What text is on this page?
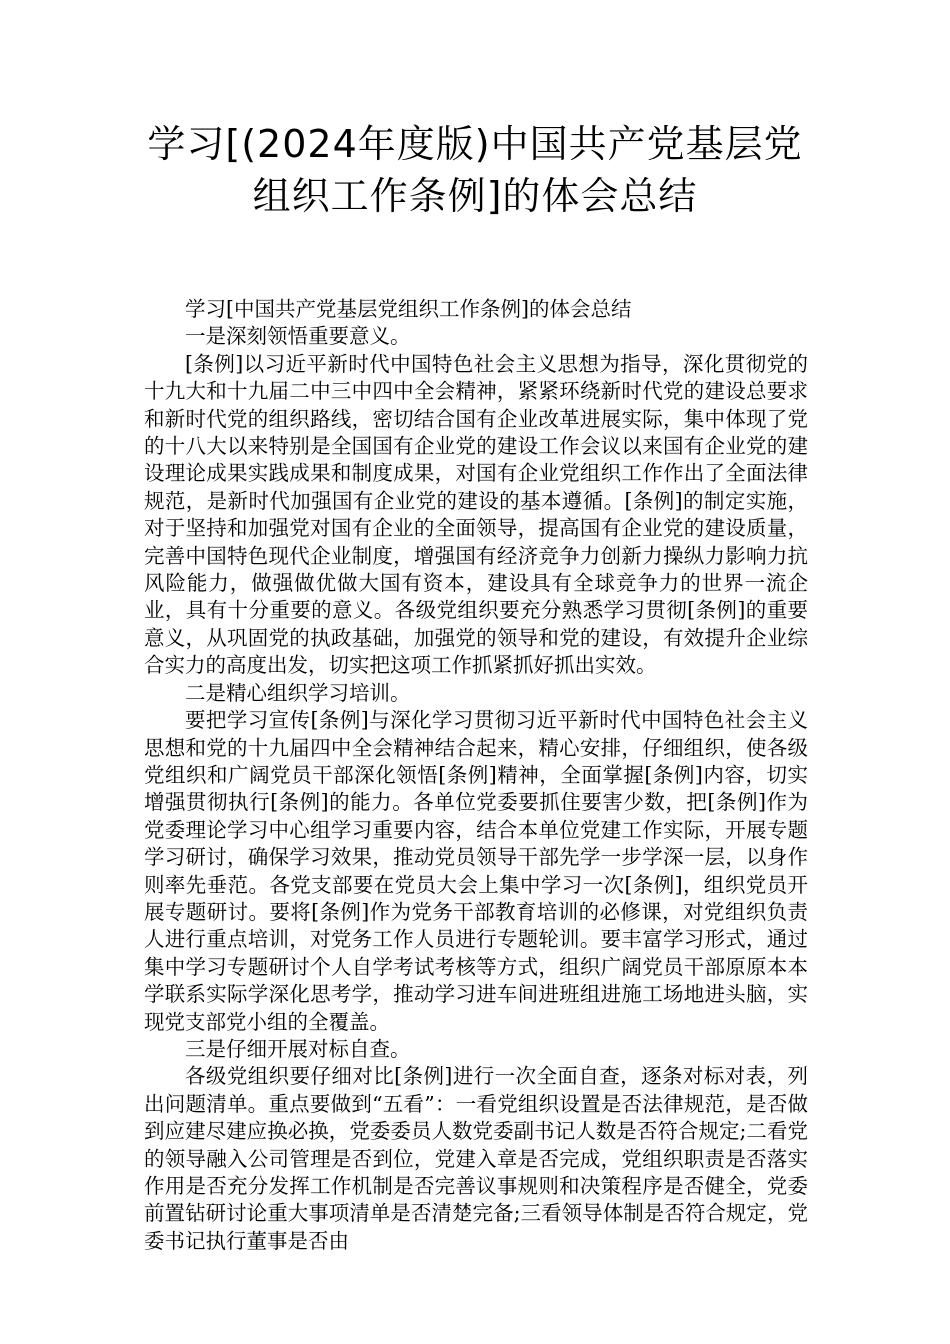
学习[(2024年度版)中国共产党基层党
组织工作条例]的体会总结

学习[中国共产党基层党组织工作条例]的体会总结

一是深刻领悟重要意义。

[条例]以习近平新时代中国特色社会主义思想为指导，深化贯彻党的十九大和十九届二中三中四中全会精神，紧紧环绕新时代党的建设总要求和新时代党的组织路线，密切结合国有企业改革进展实际，集中体现了党的十八大以来特别是全国国有企业党的建设工作会议以来国有企业党的建设理论成果实践成果和制度成果，对国有企业党组织工作作出了全面法律规范，是新时代加强国有企业党的建设的基本遵循。[条例]的制定实施，对于坚持和加强党对国有企业的全面领导，提高国有企业党的建设质量，完善中国特色现代企业制度，增强国有经济竞争力创新力操纵力影响力抗风险能力，做强做优做大国有资本，建设具有全球竞争力的世界一流企业，具有十分重要的意义。各级党组织要充分熟悉学习贯彻[条例]的重要意义，从巩固党的执政基础，加强党的领导和党的建设，有效提升企业综合实力的高度出发，切实把这项工作抓紧抓好抓出实效。

二是精心组织学习培训。

要把学习宣传[条例]与深化学习贯彻习近平新时代中国特色社会主义思想和党的十九届四中全会精神结合起来，精心安排，仔细组织，使各级党组织和广阔党员干部深化领悟[条例]精神，全面掌握[条例]内容，切实增强贯彻执行[条例]的能力。各单位党委要抓住要害少数，把[条例]作为党委理论学习中心组学习重要内容，结合本单位党建工作实际，开展专题学习研讨，确保学习效果，推动党员领导干部先学一步学深一层，以身作则率先垂范。各党支部要在党员大会上集中学习一次[条例]，组织党员开展专题研讨。要将[条例]作为党务干部教育培训的必修课，对党组织负责人进行重点培训，对党务工作人员进行专题轮训。要丰富学习形式，通过集中学习专题研讨个人自学考试考核等方式，组织广阔党员干部原原本本学联系实际学深化思考学，推动学习进车间进班组进施工场地进头脑，实现党支部党小组的全覆盖。

三是仔细开展对标自查。

各级党组织要仔细对比[条例]进行一次全面自查，逐条对标对表，列出问题清单。重点要做到“五看”：一看党组织设置是否法律规范，是否做到应建尽建应换必换，党委委员人数党委副书记人数是否符合规定;二看党的领导融入公司管理是否到位，党建入章是否完成，党组织职责是否落实作用是否充分发挥工作机制是否完善议事规则和决策程序是否健全，党委前置钻研讨论重大事项清单是否清楚完备;三看领导体制是否符合规定，党委书记执行董事是否由
